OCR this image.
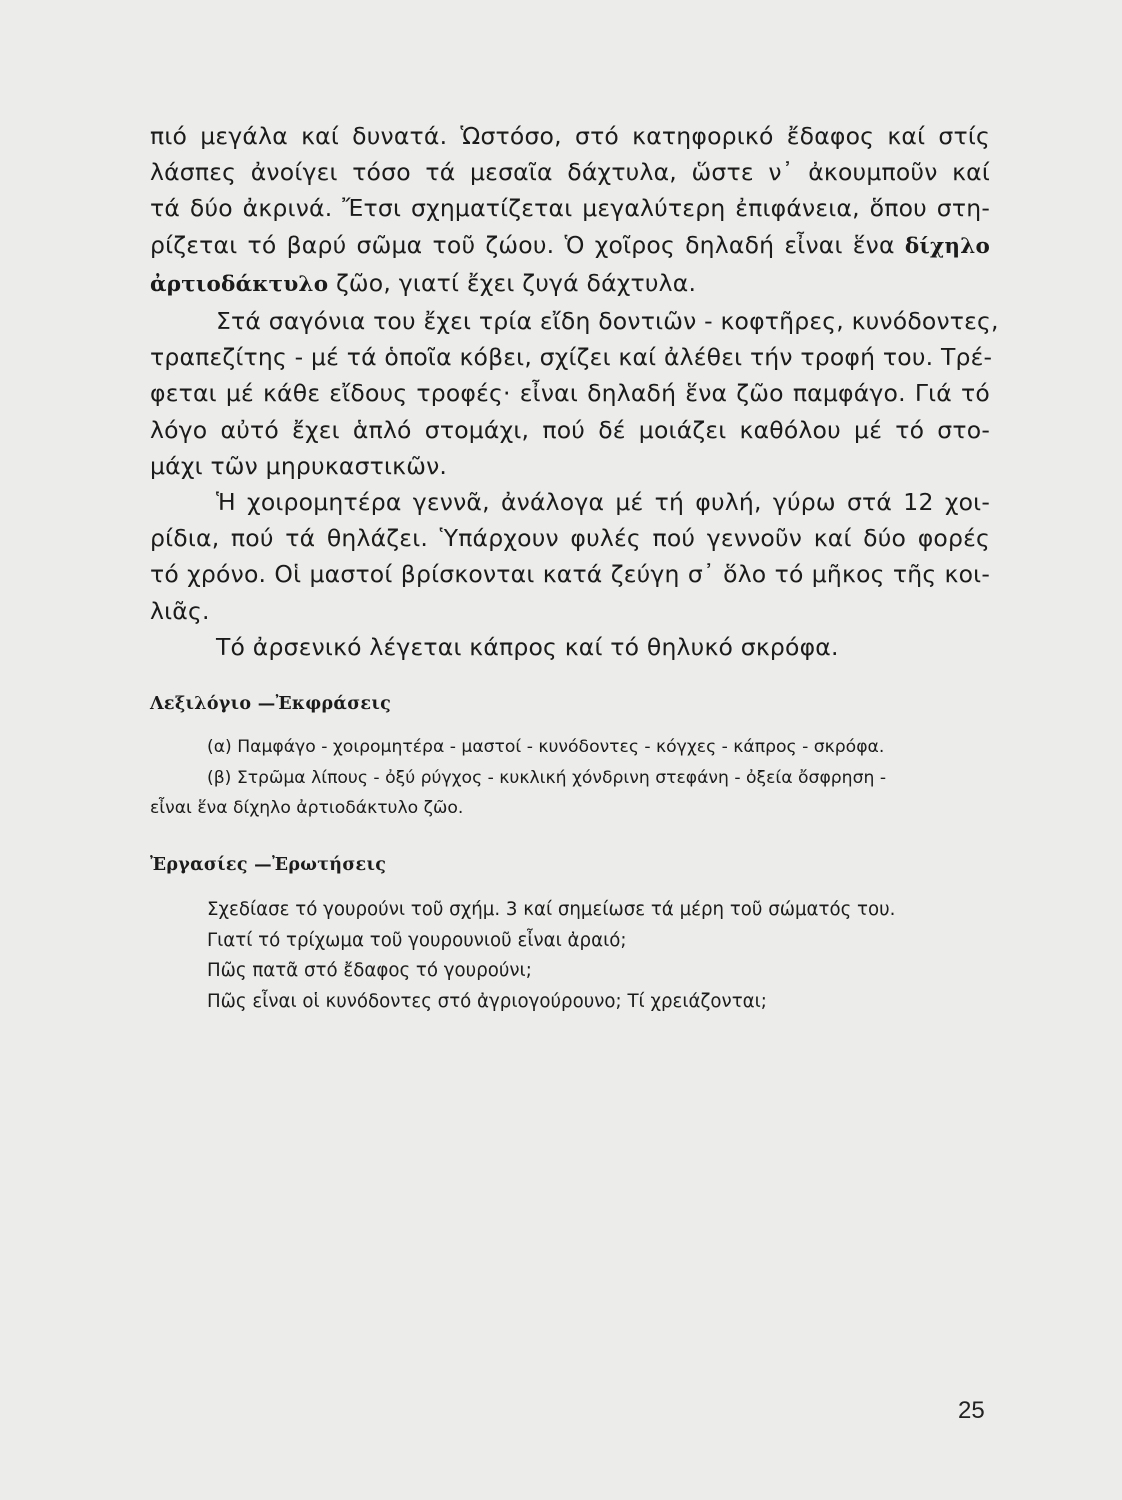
πιό μεγάλα καί δυνατά. Ὡστόσο, στό κατηφορικό ἔδαφος καί στίς
λάσπες ἀνοίγει τόσο τά μεσαῖα δάχτυλα, ὥστε ν᾽ ἀκουμποῦν καί
τά δύο ἀκρινά. Ἔτσι σχηματίζεται μεγαλύτερη ἐπιφάνεια, ὅπου στη-
ρίζεται τό βαρύ σῶμα τοῦ ζώου. Ὁ χοῖρος δηλαδή εἶναι ἕνα δίχηλο
ἀρτιοδάκτυλο ζῶο, γιατί ἔχει ζυγά δάχτυλα.
Στά σαγόνια του ἔχει τρία εἴδη δοντιῶν - κοφτῆρες, κυνόδοντες,
τραπεζίτης - μέ τά ὁποῖα κόβει, σχίζει καί ἀλέθει τήν τροφή του. Τρέ-
φεται μέ κάθε εἴδους τροφές· εἶναι δηλαδή ἕνα ζῶο παμφάγο. Γιά τό
λόγο αὐτό ἔχει ἁπλό στομάχι, πού δέ μοιάζει καθόλου μέ τό στο-
μάχι τῶν μηρυκαστικῶν.
Ἡ χοιρομητέρα γεννᾶ, ἀνάλογα μέ τή φυλή, γύρω στά 12 χοι-
ρίδια, πού τά θηλάζει. Ὑπάρχουν φυλές πού γεννοῦν καί δύο φορές
τό χρόνο. Οἱ μαστοί βρίσκονται κατά ζεύγη σ᾽ ὅλο τό μῆκος τῆς κοι-
λιᾶς.
Τό ἀρσενικό λέγεται κάπρος καί τό θηλυκό σκρόφα.
Λεξιλόγιο —Ἐκφράσεις
(α) Παμφάγο - χοιρομητέρα - μαστοί - κυνόδοντες - κόγχες - κάπρος - σκρόφα.
(β) Στρῶμα λίπους - ὀξύ ρύγχος - κυκλική χόνδρινη στεφάνη - ὀξεία ὄσφρηση -
εἶναι ἕνα δίχηλο ἀρτιοδάκτυλο ζῶο.
Ἐργασίες —Ἐρωτήσεις
Σχεδίασε τό γουρούνι τοῦ σχήμ. 3 καί σημείωσε τά μέρη τοῦ σώματός του.
Γιατί τό τρίχωμα τοῦ γουρουνιοῦ εἶναι ἀραιό;
Πῶς πατᾶ στό ἔδαφος τό γουρούνι;
Πῶς εἶναι οἱ κυνόδοντες στό ἀγριογούρουνο; Τί χρειάζονται;
25
